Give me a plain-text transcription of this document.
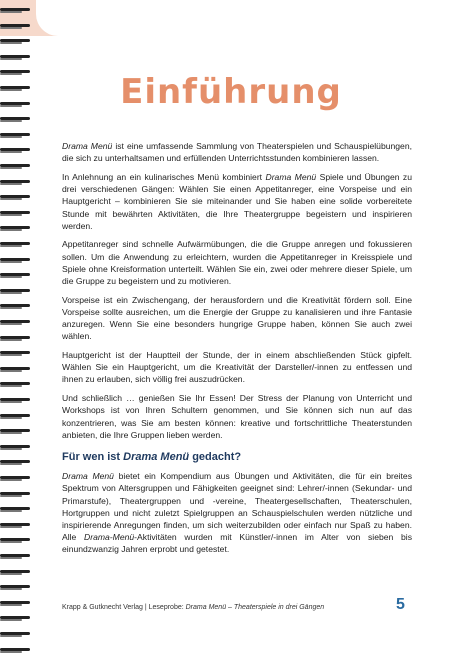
Einführung

Drama Menü ist eine umfassende Sammlung von Theaterspielen und Schauspielübungen, die sich zu unterhaltsamen und erfüllenden Unterrichtsstunden kombinieren lassen.

In Anlehnung an ein kulinarisches Menü kombiniert Drama Menü Spiele und Übungen zu drei verschiedenen Gängen: Wählen Sie einen Appetitanreger, eine Vorspeise und ein Hauptgericht – kombinieren Sie sie miteinander und Sie haben eine solide vorbereitete Stunde mit bewährten Aktivitäten, die Ihre Theatergruppe begeistern und inspirieren werden.

Appetitanreger sind schnelle Aufwärmübungen, die die Gruppe anregen und fokussieren sollen. Um die Anwendung zu erleichtern, wurden die Appetitanreger in Kreisspiele und Spiele ohne Kreisformation unterteilt. Wählen Sie ein, zwei oder mehrere dieser Spiele, um die Gruppe zu begeistern und zu motivieren.

Vorspeise ist ein Zwischengang, der herausfordern und die Kreativität fördern soll. Eine Vorspeise sollte ausreichen, um die Energie der Gruppe zu kanalisieren und ihre Fantasie anzuregen. Wenn Sie eine besonders hungrige Gruppe haben, können Sie auch zwei wählen.

Hauptgericht ist der Hauptteil der Stunde, der in einem abschließenden Stück gipfelt. Wählen Sie ein Hauptgericht, um die Kreativität der Darsteller/-innen zu entfessen und ihnen zu erlauben, sich völlig frei auszudrücken.

Und schließlich … genießen Sie Ihr Essen! Der Stress der Planung von Unterricht und Workshops ist von Ihren Schultern genommen, und Sie können sich nun auf das konzentrieren, was Sie am besten können: kreative und fortschrittliche Theaterstunden anbieten, die Ihre Gruppen lieben werden.

Für wen ist Drama Menü gedacht?

Drama Menü bietet ein Kompendium aus Übungen und Aktivitäten, die für ein breites Spektrum von Altersgruppen und Fähigkeiten geeignet sind: Lehrer/-innen (Sekundar- und Primarstufe), Theatergruppen und -vereine, Theatergesellschaften, Theaterschulen, Hortgruppen und nicht zuletzt Spielgruppen an Schauspielschulen werden nützliche und inspirierende Anregungen finden, um sich weiterzubilden oder einfach nur Spaß zu haben. Alle Drama-Menü-Aktivitäten wurden mit Künstler/-innen im Alter von sieben bis einundzwanzig Jahren erprobt und getestet.

Krapp & Gutknecht Verlag | Leseprobe: Drama Menü – Theaterspiele in drei Gängen	5
